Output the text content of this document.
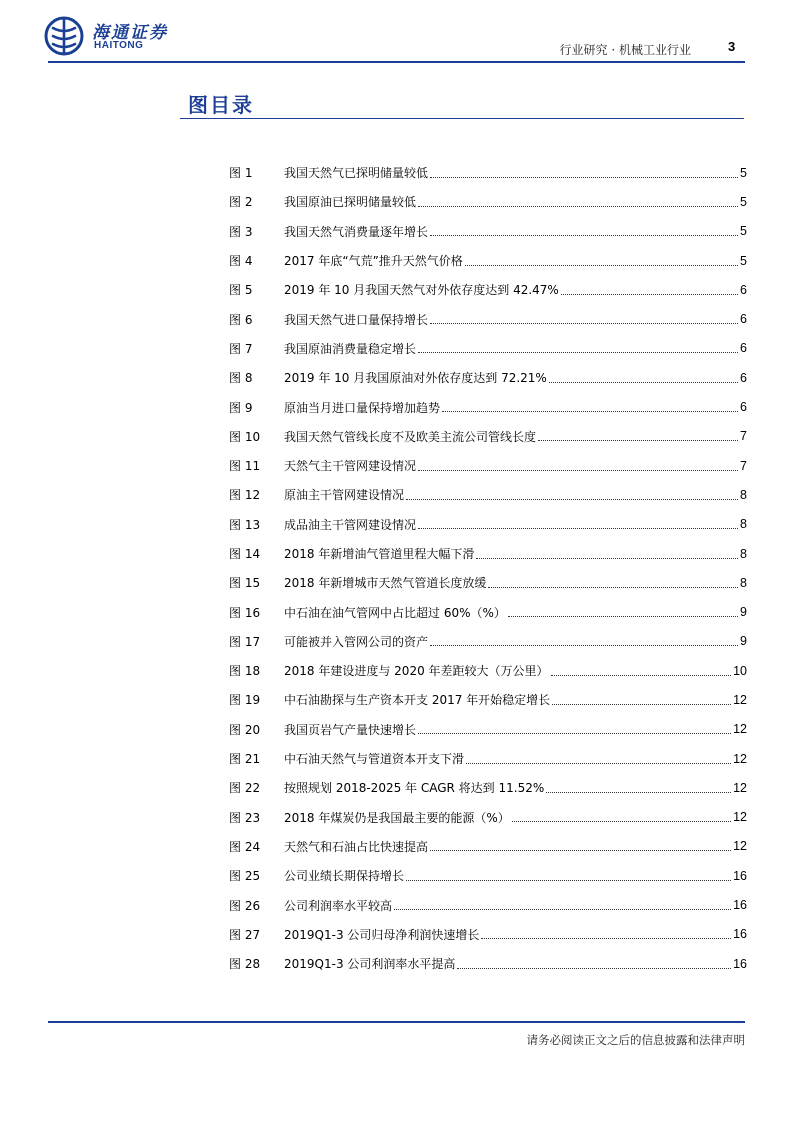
海通证券
HAITONG	行业研究 · 机械工业行业	3
图目录
图 1	我国天然气已探明储量较低	5
图 2	我国原油已探明储量较低	5
图 3	我国天然气消费量逐年增长	5
图 4	2017 年底“气荒”推升天然气价格	5
图 5	2019 年 10 月我国天然气对外依存度达到 42.47%	6
图 6	我国天然气进口量保持增长	6
图 7	我国原油消费量稳定增长	6
图 8	2019 年 10 月我国原油对外依存度达到 72.21%	6
图 9	原油当月进口量保持增加趋势	6
图 10	我国天然气管线长度不及欧美主流公司管线长度	7
图 11	天然气主干管网建设情况	7
图 12	原油主干管网建设情况	8
图 13	成品油主干管网建设情况	8
图 14	2018 年新增油气管道里程大幅下滑	8
图 15	2018 年新增城市天然气管道长度放缓	8
图 16	中石油在油气管网中占比超过 60%（%）	9
图 17	可能被并入管网公司的资产	9
图 18	2018 年建设进度与 2020 年差距较大（万公里）	10
图 19	中石油勘探与生产资本开支 2017 年开始稳定增长	12
图 20	我国页岩气产量快速增长	12
图 21	中石油天然气与管道资本开支下滑	12
图 22	按照规划 2018-2025 年 CAGR 将达到 11.52%	12
图 23	2018 年煤炭仍是我国最主要的能源（%）	12
图 24	天然气和石油占比快速提高	12
图 25	公司业绩长期保持增长	16
图 26	公司利润率水平较高	16
图 27	2019Q1-3 公司归母净利润快速增长	16
图 28	2019Q1-3 公司利润率水平提高	16
请务必阅读正文之后的信息披露和法律声明
